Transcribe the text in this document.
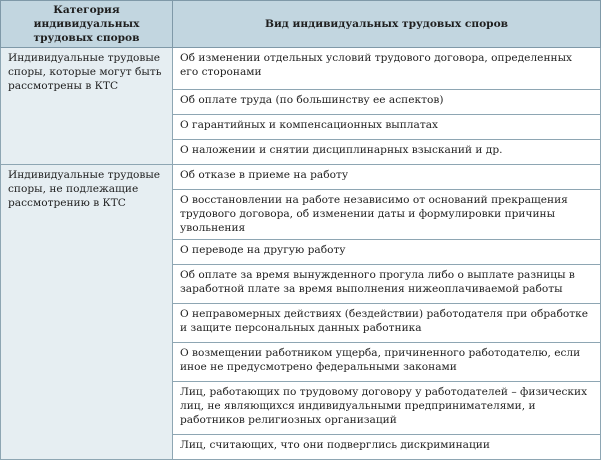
Категория индивидуальных трудовых споров	Вид индивидуальных трудовых споров
Индивидуальные трудовые споры, которые могут быть рассмотрены в КТС	Об изменении отдельных условий трудового договора, определенных его сторонами
	Об оплате труда (по большинству ее аспектов)
	О гарантийных и компенсационных выплатах
	О наложении и снятии дисциплинарных взысканий и др.
Индивидуальные трудовые споры, не подлежащие рассмотрению в КТС	Об отказе в приеме на работу
	О восстановлении на работе независимо от оснований прекращения трудового договора, об изменении даты и формулировки причины увольнения
	О переводе на другую работу
	Об оплате за время вынужденного прогула либо о выплате разницы в заработной плате за время выполнения нижеоплачиваемой работы
	О неправомерных действиях (бездействии) работодателя при обработке и защите персональных данных работника
	О возмещении работником ущерба, причиненного работодателю, если иное не предусмотрено федеральными законами
	Лиц, работающих по трудовому договору у работодателей – физических лиц, не являющихся индивидуальными предпринимателями, и работников религиозных организаций
	Лиц, считающих, что они подверглись дискриминации
